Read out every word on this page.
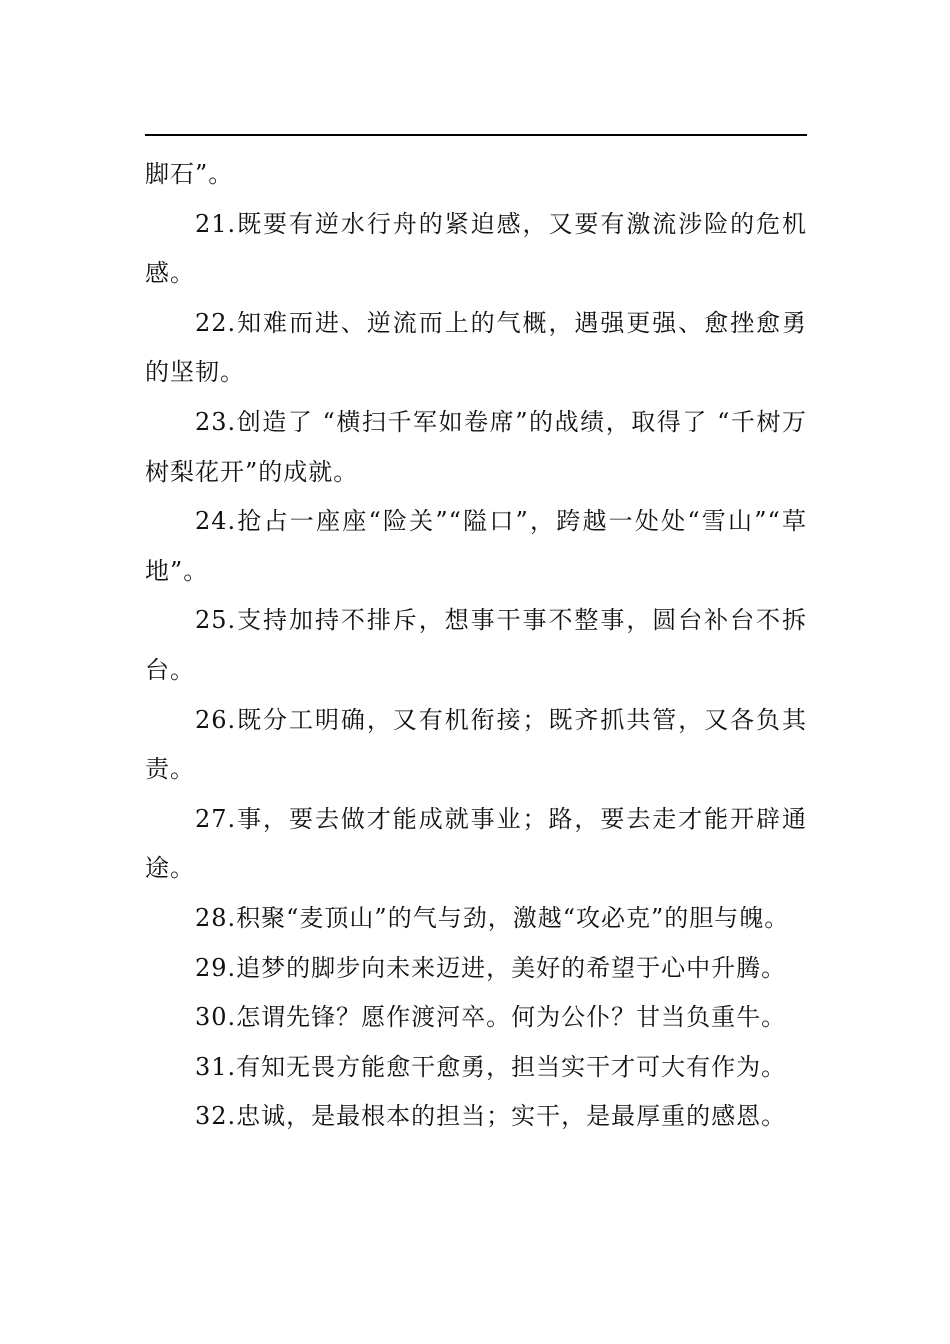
脚石”。

21.既要有逆水行舟的紧迫感，又要有激流涉险的危机感。

22.知难而进、逆流而上的气概，遇强更强、愈挫愈勇的坚韧。

23.创造了 “横扫千军如卷席”的战绩，取得了 “千树万树梨花开”的成就。

24.抢占一座座“险关”“隘口”，跨越一处处“雪山”“草地”。

25.支持加持不排斥，想事干事不整事，圆台补台不拆台。

26.既分工明确，又有机衔接；既齐抓共管，又各负其责。

27.事，要去做才能成就事业；路，要去走才能开辟通途。

28.积聚“麦顶山”的气与劲，激越“攻必克”的胆与魄。

29.追梦的脚步向未来迈进，美好的希望于心中升腾。

30.怎谓先锋？愿作渡河卒。何为公仆？甘当负重牛。

31.有知无畏方能愈干愈勇，担当实干才可大有作为。

32.忠诚，是最根本的担当；实干，是最厚重的感恩。
